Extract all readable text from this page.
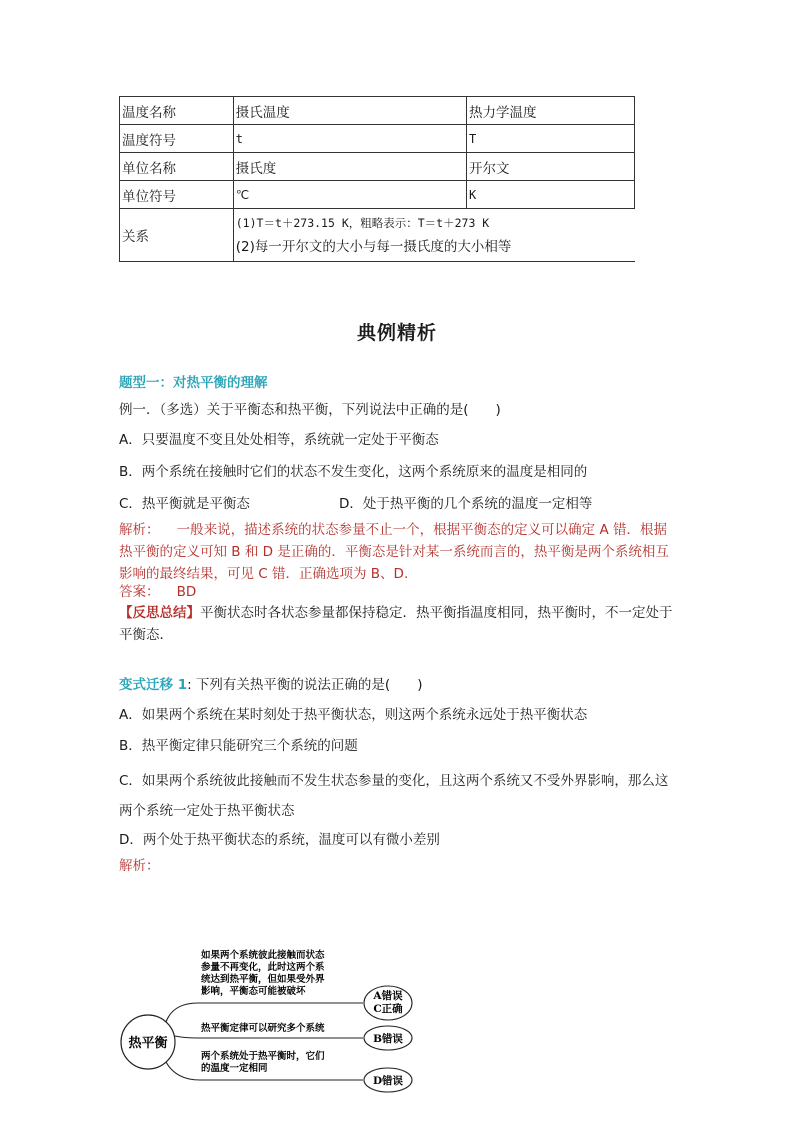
温度名称	摄氏温度	热力学温度
温度符号	t	T
单位名称	摄氏度	开尔文
单位符号	℃	K
关系	(1)T＝t＋273.15 K，粗略表示：T＝t＋273 K
(2)每一开尔文的大小与每一摄氏度的大小相等	
典例精析
题型一：对热平衡的理解
例一．（多选）关于平衡态和热平衡，下列说法中正确的是(　　)
A．只要温度不变且处处相等，系统就一定处于平衡态
B．两个系统在接触时它们的状态不发生变化，这两个系统原来的温度是相同的
C．热平衡就是平衡态	D．处于热平衡的几个系统的温度一定相等
解析： 一般来说，描述系统的状态参量不止一个，根据平衡态的定义可以确定 A 错．根据热平衡的定义可知 B 和 D 是正确的．平衡态是针对某一系统而言的，热平衡是两个系统相互影响的最终结果，可见 C 错．正确选项为 B、D.
答案： BD
【反思总结】平衡状态时各状态参量都保持稳定．热平衡指温度相同，热平衡时，不一定处于平衡态．
变式迁移 1: 下列有关热平衡的说法正确的是(　　)
A．如果两个系统在某时刻处于热平衡状态，则这两个系统永远处于热平衡状态
B．热平衡定律只能研究三个系统的问题
C．如果两个系统彼此接触而不发生状态参量的变化，且这两个系统又不受外界影响，那么这两个系统一定处于热平衡状态
D．两个处于热平衡状态的系统，温度可以有微小差别
解析：
热平衡
如果两个系统彼此接触而状态
参量不再变化，此时这两个系
统达到热平衡，但如果受外界
影响，平衡态可能被破坏
热平衡定律可以研究多个系统
两个系统处于热平衡时，它们
的温度一定相同
A错误
C正确
B错误
D错误
